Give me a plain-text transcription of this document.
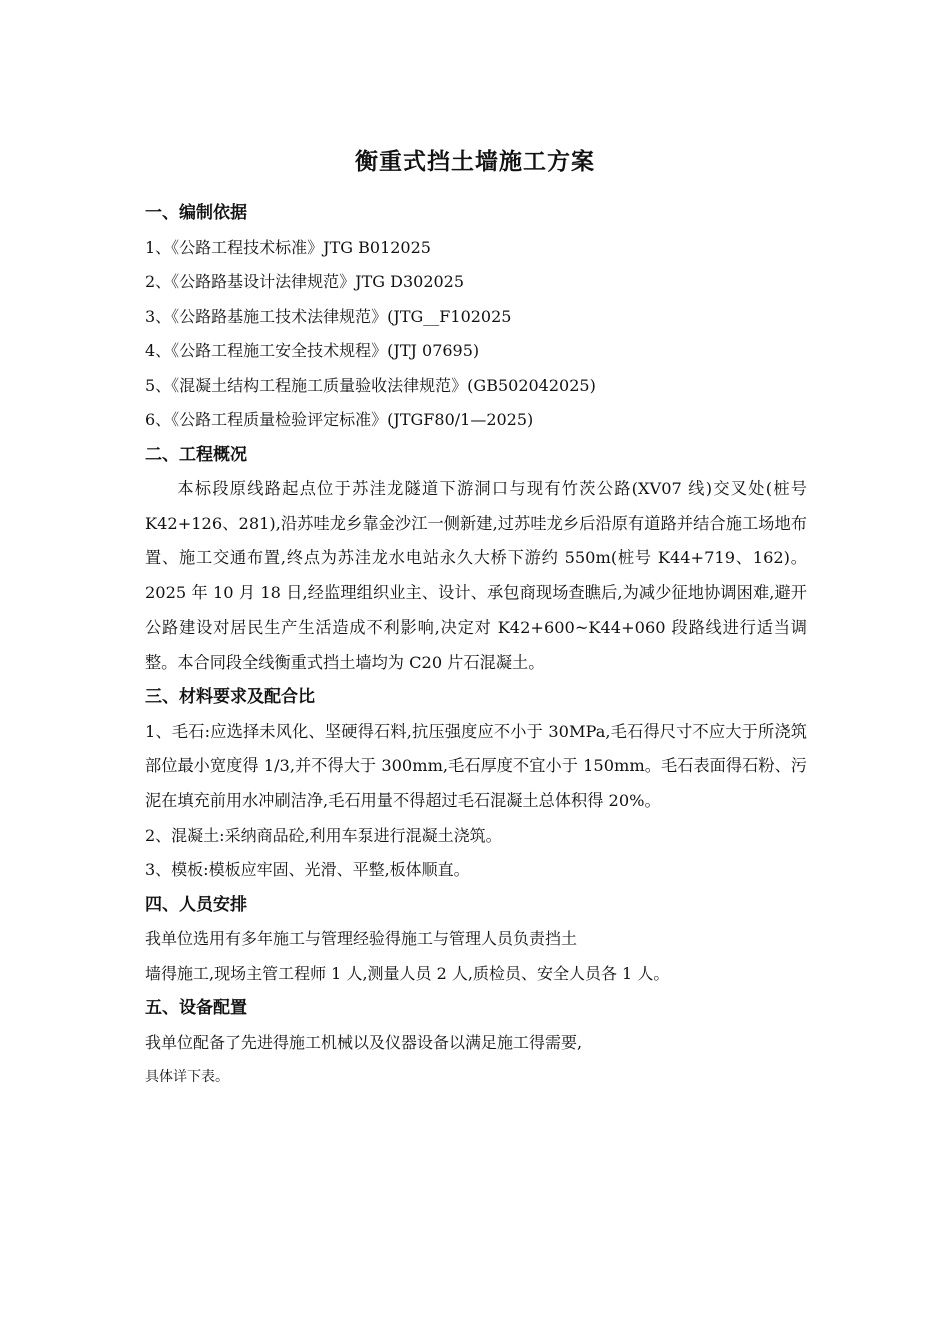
衡重式挡土墙施工方案
一、编制依据
1、《公路工程技术标准》JTG B012025
2、《公路路基设计法律规范》JTG D302025
3、《公路路基施工技术法律规范》(JTG__F102025
4、《公路工程施工安全技术规程》(JTJ 07695)
5、《混凝土结构工程施工质量验收法律规范》(GB502042025)
6、《公路工程质量检验评定标准》(JTGF80/1—2025)
二、工程概况

本标段原线路起点位于苏洼龙隧道下游洞口与现有竹茨公路(XV07 线)交叉处(桩号 K42+126、281),沿苏哇龙乡靠金沙江一侧新建,过苏哇龙乡后沿原有道路并结合施工场地布置、施工交通布置,终点为苏洼龙水电站永久大桥下游约 550m(桩号 K44+719、162)。2025 年 10 月 18 日,经监理组织业主、设计、承包商现场查瞧后,为减少征地协调困难,避开公路建设对居民生产生活造成不利影响,决定对 K42+600~K44+060 段路线进行适当调整。本合同段全线衡重式挡土墙均为 C20 片石混凝土。

三、材料要求及配合比

1、毛石:应选择未风化、坚硬得石料,抗压强度应不小于 30MPa,毛石得尺寸不应大于所浇筑部位最小宽度得 1/3,并不得大于 300mm,毛石厚度不宜小于 150mm。毛石表面得石粉、污泥在填充前用水冲刷洁净,毛石用量不得超过毛石混凝土总体积得 20%。

2、混凝土:采纳商品砼,利用车泵进行混凝土浇筑。
3、模板:模板应牢固、光滑、平整,板体顺直。
四、人员安排
我单位选用有多年施工与管理经验得施工与管理人员负责挡土
墙得施工,现场主管工程师 1 人,测量人员 2 人,质检员、安全人员各 1 人。
五、设备配置
我单位配备了先进得施工机械以及仪器设备以满足施工得需要,
具体详下表。
